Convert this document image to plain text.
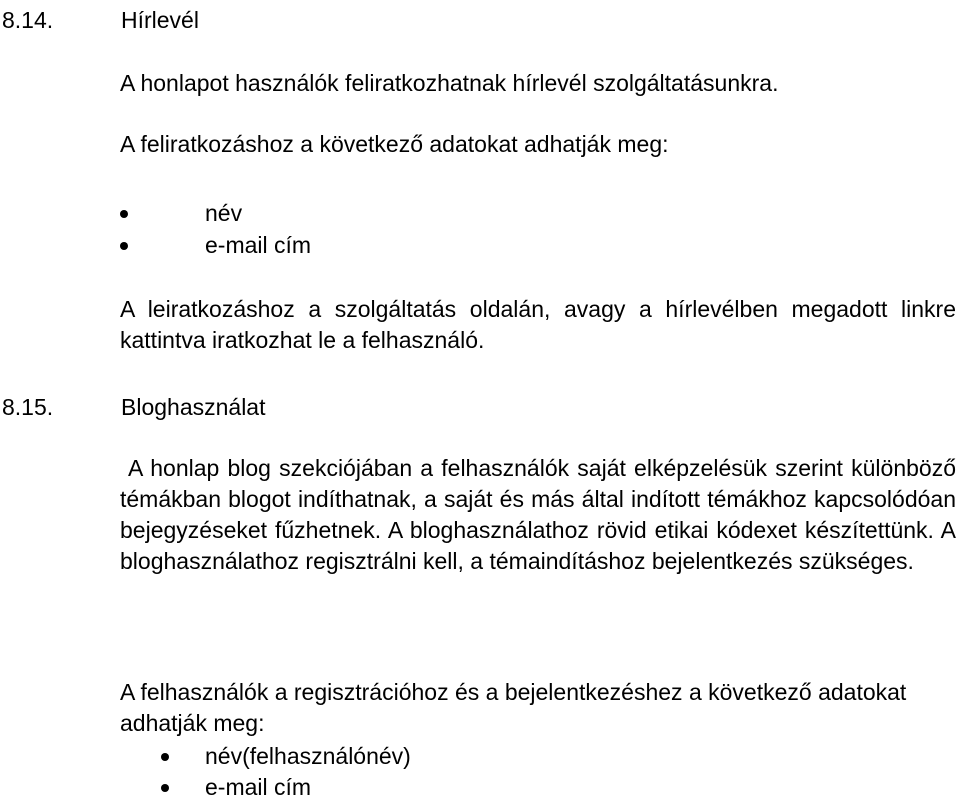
8.14.	Hírlevél

A honlapot használók feliratkozhatnak hírlevél szolgáltatásunkra.

A feliratkozáshoz a következő adatokat adhatják meg:

név
e-mail cím

A leiratkozáshoz a szolgáltatás oldalán, avagy a hírlevélben megadott linkre kattintva iratkozhat le a felhasználó.

8.15.	Bloghasználat

A honlap blog szekciójában a felhasználók saját elképzelésük szerint különböző témákban blogot indíthatnak, a saját és más által indított témákhoz kapcsolódóan bejegyzéseket fűzhetnek. A bloghasználathoz rövid etikai kódexet készítettünk. A bloghasználathoz regisztrálni kell, a témaindításhoz bejelentkezés szükséges.

A felhasználók a regisztrációhoz és a bejelentkezéshez a következő adatokat adhatják meg:

név(felhasználónév)
e-mail cím
